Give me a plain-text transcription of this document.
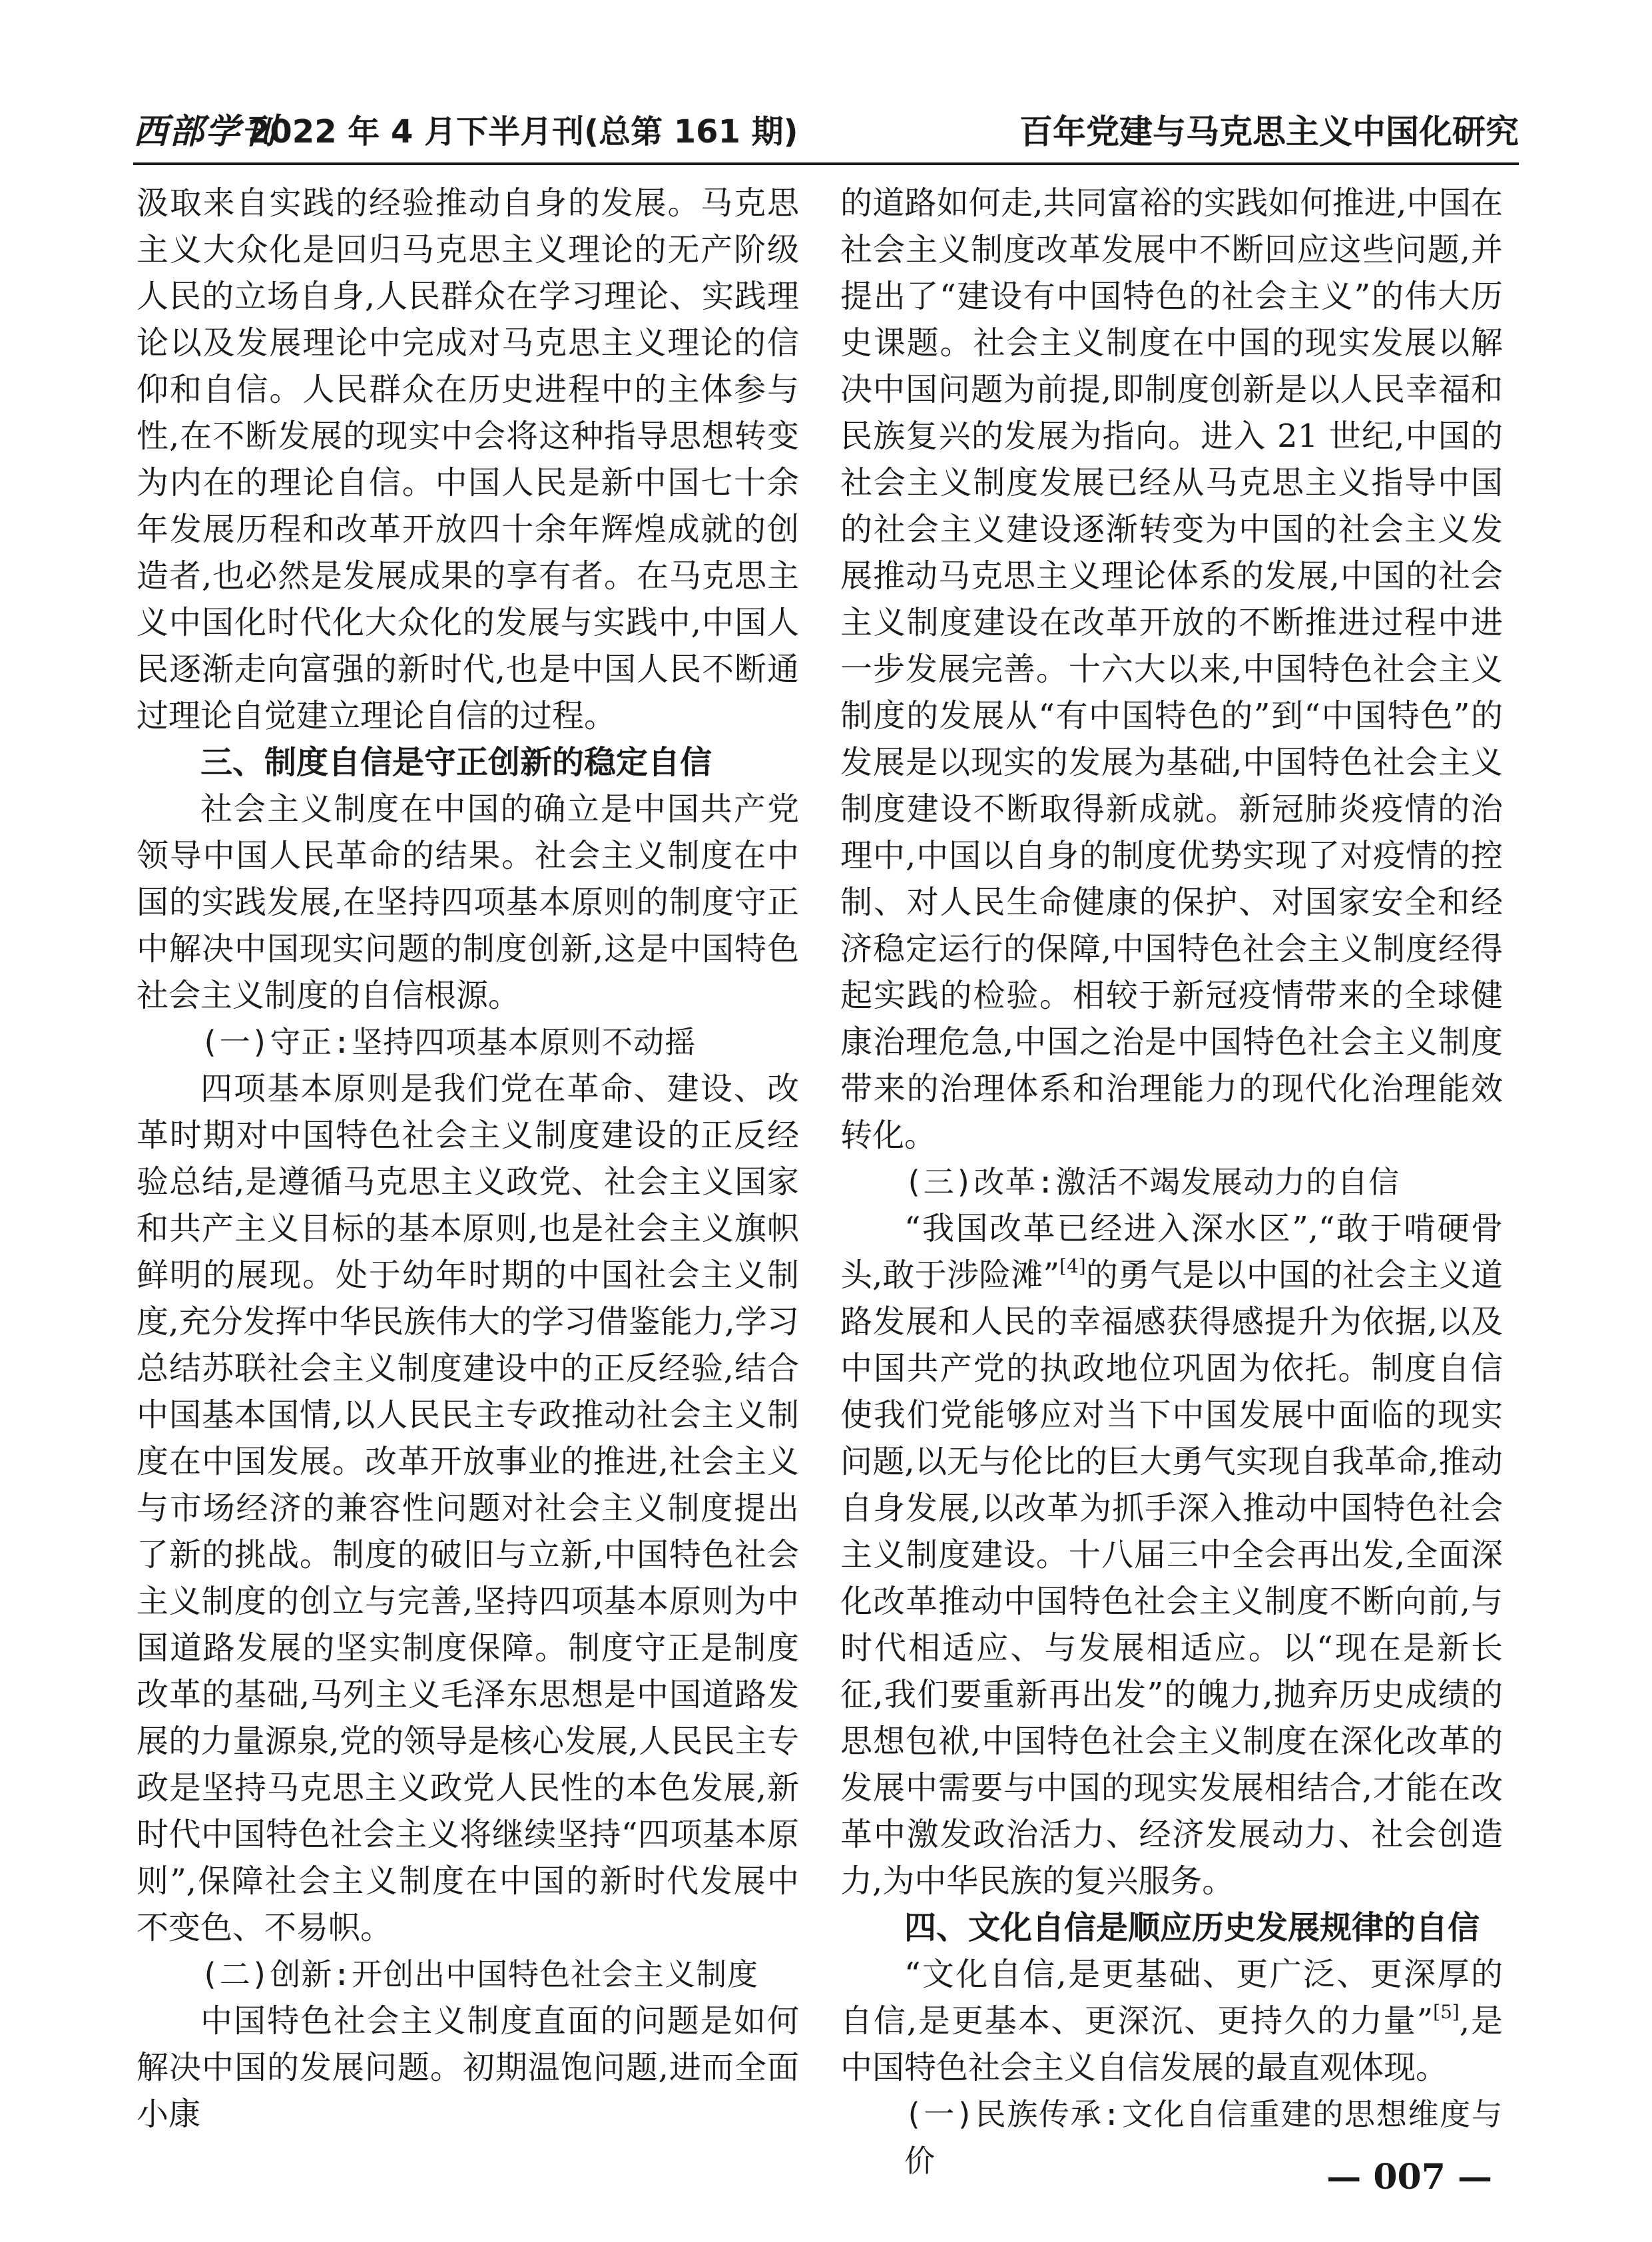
西部学刊
2022 年 4 月下半月刊(总第 161 期)	百年党建与马克思主义中国化研究

汲取来自实践的经验推动自身的发展。马克思主义大众化是回归马克思主义理论的无产阶级人民的立场自身,人民群众在学习理论、实践理论以及发展理论中完成对马克思主义理论的信仰和自信。人民群众在历史进程中的主体参与性,在不断发展的现实中会将这种指导思想转变为内在的理论自信。中国人民是新中国七十余年发展历程和改革开放四十余年辉煌成就的创造者,也必然是发展成果的享有者。在马克思主义中国化时代化大众化的发展与实践中,中国人民逐渐走向富强的新时代,也是中国人民不断通过理论自觉建立理论自信的过程。

三、制度自信是守正创新的稳定自信

社会主义制度在中国的确立是中国共产党领导中国人民革命的结果。社会主义制度在中国的实践发展,在坚持四项基本原则的制度守正中解决中国现实问题的制度创新,这是中国特色社会主义制度的自信根源。

(一)守正:坚持四项基本原则不动摇

四项基本原则是我们党在革命、建设、改革时期对中国特色社会主义制度建设的正反经验总结,是遵循马克思主义政党、社会主义国家和共产主义目标的基本原则,也是社会主义旗帜鲜明的展现。处于幼年时期的中国社会主义制度,充分发挥中华民族伟大的学习借鉴能力,学习总结苏联社会主义制度建设中的正反经验,结合中国基本国情,以人民民主专政推动社会主义制度在中国发展。改革开放事业的推进,社会主义与市场经济的兼容性问题对社会主义制度提出了新的挑战。制度的破旧与立新,中国特色社会主义制度的创立与完善,坚持四项基本原则为中国道路发展的坚实制度保障。制度守正是制度改革的基础,马列主义毛泽东思想是中国道路发展的力量源泉,党的领导是核心发展,人民民主专政是坚持马克思主义政党人民性的本色发展,新时代中国特色社会主义将继续坚持“四项基本原则”,保障社会主义制度在中国的新时代发展中不变色、不易帜。

(二)创新:开创出中国特色社会主义制度

中国特色社会主义制度直面的问题是如何解决中国的发展问题。初期温饱问题,进而全面小康

的道路如何走,共同富裕的实践如何推进,中国在社会主义制度改革发展中不断回应这些问题,并提出了“建设有中国特色的社会主义”的伟大历史课题。社会主义制度在中国的现实发展以解决中国问题为前提,即制度创新是以人民幸福和民族复兴的发展为指向。进入 21 世纪,中国的社会主义制度发展已经从马克思主义指导中国的社会主义建设逐渐转变为中国的社会主义发展推动马克思主义理论体系的发展,中国的社会主义制度建设在改革开放的不断推进过程中进一步发展完善。十六大以来,中国特色社会主义制度的发展从“有中国特色的”到“中国特色”的发展是以现实的发展为基础,中国特色社会主义制度建设不断取得新成就。新冠肺炎疫情的治理中,中国以自身的制度优势实现了对疫情的控制、对人民生命健康的保护、对国家安全和经济稳定运行的保障,中国特色社会主义制度经得起实践的检验。相较于新冠疫情带来的全球健康治理危急,中国之治是中国特色社会主义制度带来的治理体系和治理能力的现代化治理能效转化。

(三)改革:激活不竭发展动力的自信

“我国改革已经进入深水区”,“敢于啃硬骨头,敢于涉险滩”[4]的勇气是以中国的社会主义道路发展和人民的幸福感获得感提升为依据,以及中国共产党的执政地位巩固为依托。制度自信使我们党能够应对当下中国发展中面临的现实问题,以无与伦比的巨大勇气实现自我革命,推动自身发展,以改革为抓手深入推动中国特色社会主义制度建设。十八届三中全会再出发,全面深化改革推动中国特色社会主义制度不断向前,与时代相适应、与发展相适应。以“现在是新长征,我们要重新再出发”的魄力,抛弃历史成绩的思想包袱,中国特色社会主义制度在深化改革的发展中需要与中国的现实发展相结合,才能在改革中激发政治活力、经济发展动力、社会创造力,为中华民族的复兴服务。

四、文化自信是顺应历史发展规律的自信

“文化自信,是更基础、更广泛、更深厚的自信,是更基本、更深沉、更持久的力量”[5],是中国特色社会主义自信发展的最直观体现。

(一)民族传承:文化自信重建的思想维度与价	— 007 —
